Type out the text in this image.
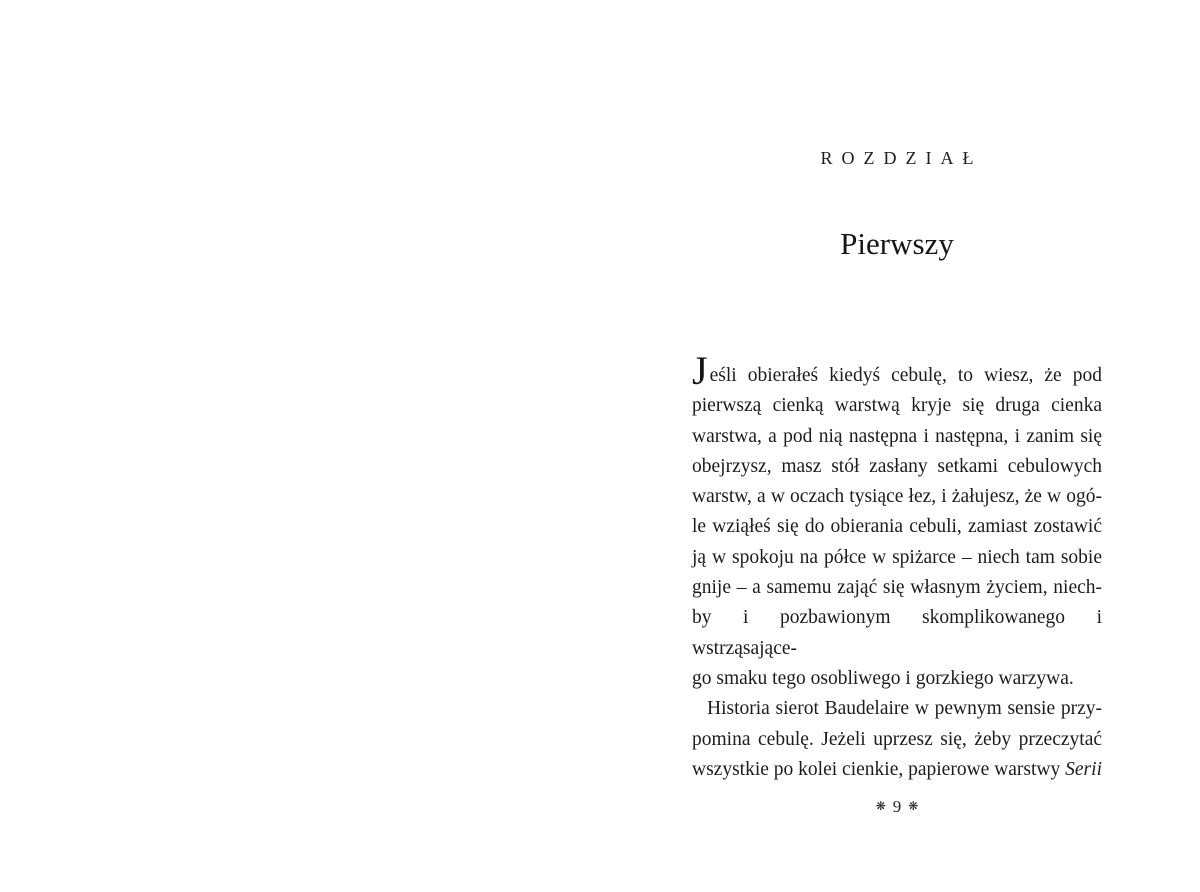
ROZDZIAŁ
Pierwszy
Jeśli obierałeś kiedyś cebulę, to wiesz, że pod
pierwszą cienką warstwą kryje się druga cienka
warstwa, a pod nią następna i następna, i zanim się
obejrzysz, masz stół zasłany setkami cebulowych
warstw, a w oczach tysiące łez, i żałujesz, że w ogó-
le wziąłeś się do obierania cebuli, zamiast zostawić
ją w spokoju na półce w spiżarce – niech tam sobie
gnije – a samemu zająć się własnym życiem, niech-
by i pozbawionym skomplikowanego i wstrząsające-
go smaku tego osobliwego i gorzkiego warzywa.
Historia sierot Baudelaire w pewnym sensie przy-
pomina cebulę. Jeżeli uprzesz się, żeby przeczytać
wszystkie po kolei cienkie, papierowe warstwy Serii
❋ 9 ❋
